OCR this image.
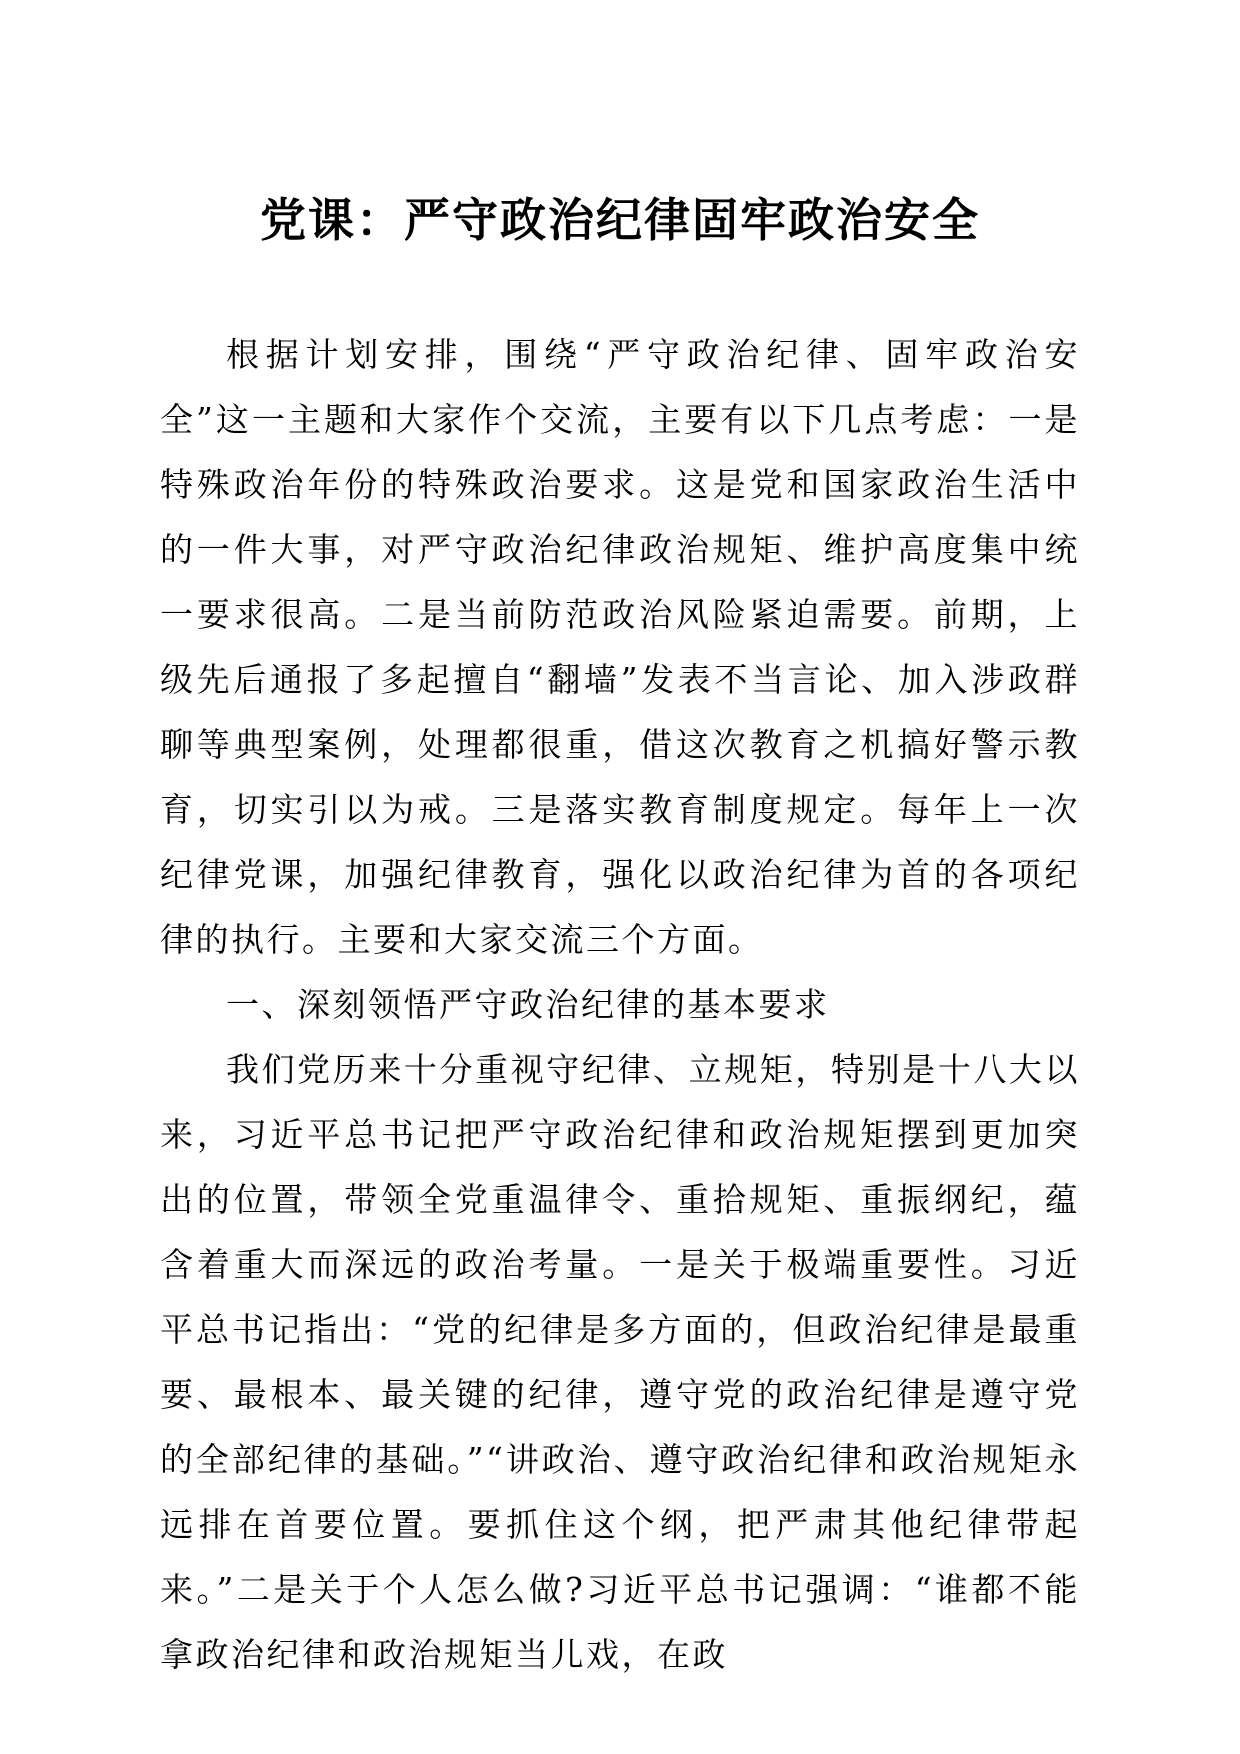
党课：严守政治纪律固牢政治安全

根据计划安排，围绕“严守政治纪律、固牢政治安全”这一主题和大家作个交流，主要有以下几点考虑：一是特殊政治年份的特殊政治要求。这是党和国家政治生活中的一件大事，对严守政治纪律政治规矩、维护高度集中统一要求很高。二是当前防范政治风险紧迫需要。前期，上级先后通报了多起擅自“翻墙”发表不当言论、加入涉政群聊等典型案例，处理都很重，借这次教育之机搞好警示教育，切实引以为戒。三是落实教育制度规定。每年上一次纪律党课，加强纪律教育，强化以政治纪律为首的各项纪律的执行。主要和大家交流三个方面。

一、深刻领悟严守政治纪律的基本要求

我们党历来十分重视守纪律、立规矩，特别是十八大以来，习近平总书记把严守政治纪律和政治规矩摆到更加突出的位置，带领全党重温律令、重拾规矩、重振纲纪，蕴含着重大而深远的政治考量。一是关于极端重要性。习近平总书记指出：“党的纪律是多方面的，但政治纪律是最重要、最根本、最关键的纪律，遵守党的政治纪律是遵守党的全部纪律的基础。”“讲政治、遵守政治纪律和政治规矩永远排在首要位置。要抓住这个纲，把严肃其他纪律带起来。”二是关于个人怎么做?习近平总书记强调：“谁都不能拿政治纪律和政治规矩当儿戏，在政
